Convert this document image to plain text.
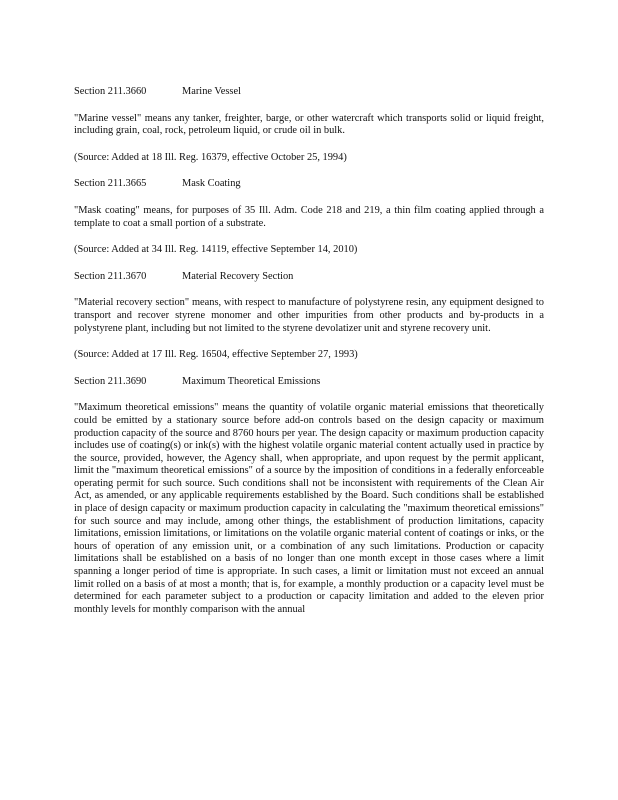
Section 211.3660	Marine Vessel

"Marine vessel" means any tanker, freighter, barge, or other watercraft which transports solid or liquid freight, including grain, coal, rock, petroleum liquid, or crude oil in bulk.

(Source: Added at 18 Ill. Reg. 16379, effective October 25, 1994)

Section 211.3665	Mask Coating

"Mask coating" means, for purposes of 35 Ill. Adm. Code 218 and 219, a thin film coating applied through a template to coat a small portion of a substrate.

(Source: Added at 34 Ill. Reg. 14119, effective September 14, 2010)

Section 211.3670	Material Recovery Section

"Material recovery section" means, with respect to manufacture of polystyrene resin, any equipment designed to transport and recover styrene monomer and other impurities from other products and by-products in a polystyrene plant, including but not limited to the styrene devolatizer unit and styrene recovery unit.

(Source: Added at 17 Ill. Reg. 16504, effective September 27, 1993)

Section 211.3690	Maximum Theoretical Emissions

"Maximum theoretical emissions" means the quantity of volatile organic material emissions that theoretically could be emitted by a stationary source before add-on controls based on the design capacity or maximum production capacity of the source and 8760 hours per year. The design capacity or maximum production capacity includes use of coating(s) or ink(s) with the highest volatile organic material content actually used in practice by the source, provided, however, the Agency shall, when appropriate, and upon request by the permit applicant, limit the "maximum theoretical emissions" of a source by the imposition of conditions in a federally enforceable operating permit for such source. Such conditions shall not be inconsistent with requirements of the Clean Air Act, as amended, or any applicable requirements established by the Board. Such conditions shall be established in place of design capacity or maximum production capacity in calculating the "maximum theoretical emissions" for such source and may include, among other things, the establishment of production limitations, capacity limitations, emission limitations, or limitations on the volatile organic material content of coatings or inks, or the hours of operation of any emission unit, or a combination of any such limitations. Production or capacity limitations shall be established on a basis of no longer than one month except in those cases where a limit spanning a longer period of time is appropriate. In such cases, a limit or limitation must not exceed an annual limit rolled on a basis of at most a month; that is, for example, a monthly production or a capacity level must be determined for each parameter subject to a production or capacity limitation and added to the eleven prior monthly levels for monthly comparison with the annual
